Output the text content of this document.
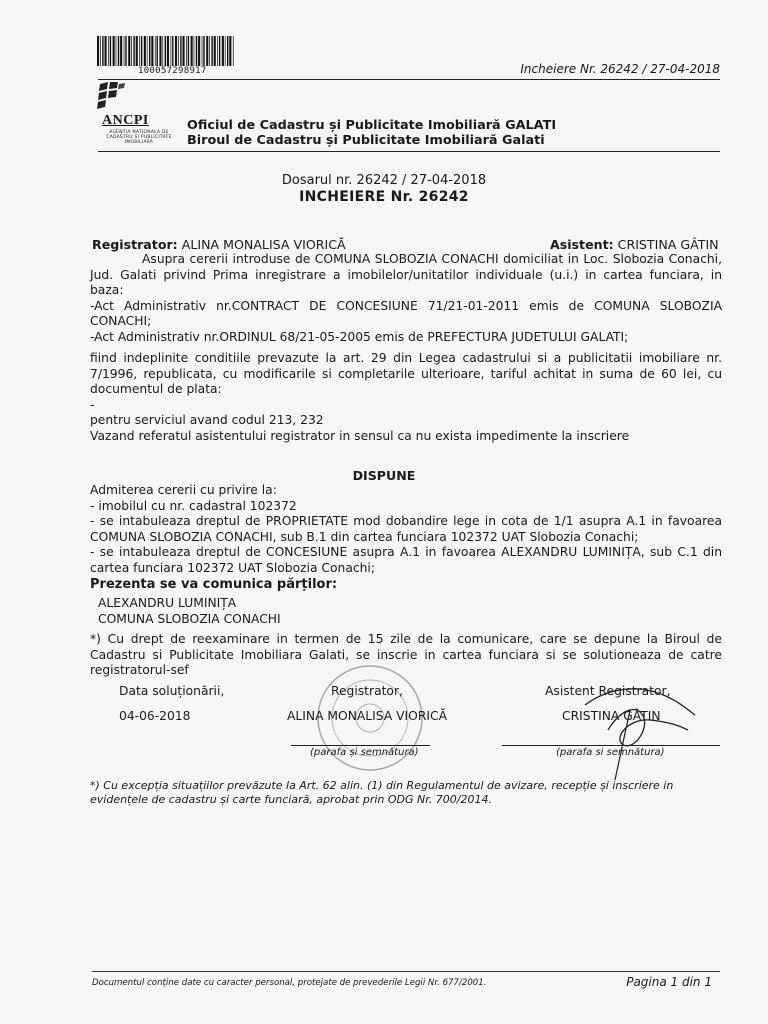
100057298917	Incheiere Nr. 26242 / 27-04-2018
ANCPI
AGENTIA NATIONALA DE CADASTRU SI PUBLICITATE IMOBILIARA
Oficiul de Cadastru și Publicitate Imobiliară GALATI
Biroul de Cadastru și Publicitate Imobiliară Galati
Dosarul nr. 26242 / 27-04-2018
INCHEIERE Nr. 26242
Registrator: ALINA MONALISA VIORICĂ	Asistent: CRISTINA GÂTIN
Asupra cererii introduse de COMUNA SLOBOZIA CONACHI domiciliat in Loc. Slobozia Conachi, Jud. Galati privind Prima inregistrare a imobilelor/unitatilor individuale (u.i.) in cartea funciara, in baza:
-Act Administrativ nr.CONTRACT DE CONCESIUNE 71/21-01-2011 emis de COMUNA SLOBOZIA CONACHI;
-Act Administrativ nr.ORDINUL 68/21-05-2005 emis de PREFECTURA JUDETULUI GALATI;
fiind indeplinite conditiile prevazute la art. 29 din Legea cadastrului si a publicitatii imobiliare nr. 7/1996, republicata, cu modificarile si completarile ulterioare, tariful achitat in suma de 60 lei, cu documentul de plata:
-
pentru serviciul avand codul 213, 232
Vazand referatul asistentului registrator in sensul ca nu exista impedimente la inscriere
DISPUNE
Admiterea cererii cu privire la:
- imobilul cu nr. cadastral 102372
- se intabuleaza dreptul de PROPRIETATE mod dobandire lege in cota de 1/1 asupra A.1 in favoarea COMUNA SLOBOZIA CONACHI, sub B.1 din cartea funciara 102372 UAT Slobozia Conachi;
- se intabuleaza dreptul de CONCESIUNE asupra A.1 in favoarea ALEXANDRU LUMINIȚA, sub C.1 din cartea funciara 102372 UAT Slobozia Conachi;
Prezenta se va comunica părților:
ALEXANDRU LUMINIȚA
COMUNA SLOBOZIA CONACHI
*) Cu drept de reexaminare in termen de 15 zile de la comunicare, care se depune la Biroul de Cadastru si Publicitate Imobiliara Galati, se inscrie in cartea funciara si se solutioneaza de catre registratorul-sef
Data soluționării,	Registrator,	Asistent Registrator,
04-06-2018	ALINA MONALISA VIORICĂ	CRISTINA GÂTIN
(parafa și semnătura)	(parafa si semnătura)
*) Cu excepția situațiilor prevăzute la Art. 62 alin. (1) din Regulamentul de avizare, recepție și inscriere in evidențele de cadastru și carte funciară, aprobat prin ODG Nr. 700/2014.
Documentul conține date cu caracter personal, protejate de prevederile Legii Nr. 677/2001.	Pagina 1 din 1
